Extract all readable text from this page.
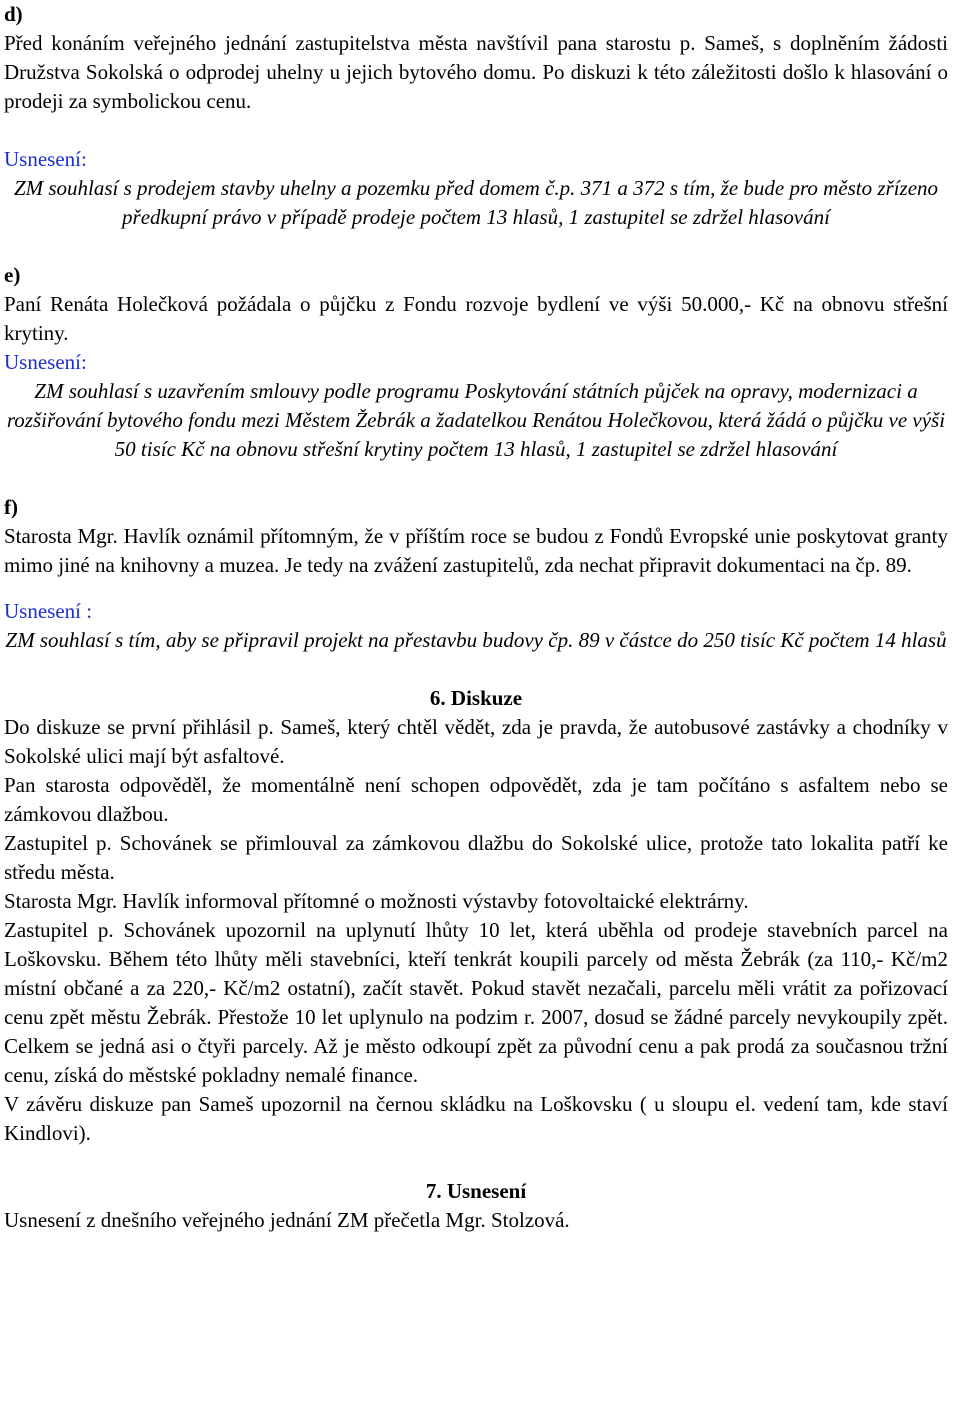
d)

Před konáním veřejného jednání zastupitelstva města navštívil pana starostu p. Sameš, s doplněním žádosti Družstva Sokolská o odprodej uhelny u jejich bytového domu. Po diskuzi k této záležitosti došlo k hlasování o prodeji za symbolickou cenu.

Usnesení:

ZM souhlasí s prodejem stavby uhelny a pozemku před domem č.p. 371 a 372 s tím, že bude pro město zřízeno předkupní právo v případě prodeje počtem 13 hlasů, 1 zastupitel se zdržel hlasování

e)

Paní Renáta Holečková požádala o půjčku z Fondu rozvoje bydlení ve výši 50.000,- Kč na obnovu střešní krytiny.

Usnesení:

ZM souhlasí s uzavřením smlouvy podle programu Poskytování státních půjček na opravy, modernizaci a rozšiřování bytového fondu mezi Městem Žebrák a žadatelkou Renátou Holečkovou, která žádá o půjčku ve výši 50 tisíc Kč na obnovu střešní krytiny počtem 13 hlasů, 1 zastupitel se zdržel hlasování

f)

Starosta Mgr. Havlík oznámil přítomným, že v příštím roce se budou z Fondů Evropské unie poskytovat granty mimo jiné na knihovny a muzea. Je tedy na zvážení zastupitelů, zda nechat připravit dokumentaci na čp. 89.

Usnesení :

ZM souhlasí s tím, aby se připravil projekt na přestavbu budovy čp. 89 v částce do 250 tisíc Kč počtem 14 hlasů

6. Diskuze

Do diskuze se první přihlásil p. Sameš, který chtěl vědět, zda je pravda, že autobusové zastávky a chodníky v Sokolské ulici mají být asfaltové.

Pan starosta odpověděl, že momentálně není schopen odpovědět, zda je tam počítáno s asfaltem nebo se zámkovou dlažbou.

Zastupitel p. Schovánek se přimlouval za zámkovou dlažbu do Sokolské ulice, protože tato lokalita patří ke středu města.

Starosta Mgr. Havlík informoval přítomné o možnosti výstavby fotovoltaické elektrárny.

Zastupitel p. Schovánek upozornil na uplynutí lhůty 10 let, která uběhla od prodeje stavebních parcel na Loškovsku. Během této lhůty měli stavebníci, kteří tenkrát koupili parcely od města Žebrák (za 110,- Kč/m2 místní občané a za 220,- Kč/m2 ostatní), začít stavět. Pokud stavět nezačali, parcelu měli vrátit za pořizovací cenu zpět městu Žebrák. Přestože 10 let uplynulo na podzim r. 2007, dosud se žádné parcely nevykoupily zpět. Celkem se jedná asi o čtyři parcely. Až je město odkoupí zpět za původní cenu a pak prodá za současnou tržní cenu, získá do městské pokladny nemalé finance.

V závěru diskuze pan Sameš upozornil na černou skládku na Loškovsku ( u sloupu el. vedení tam, kde staví Kindlovi).

7. Usnesení

Usnesení z dnešního veřejného jednání ZM přečetla Mgr. Stolzová.
